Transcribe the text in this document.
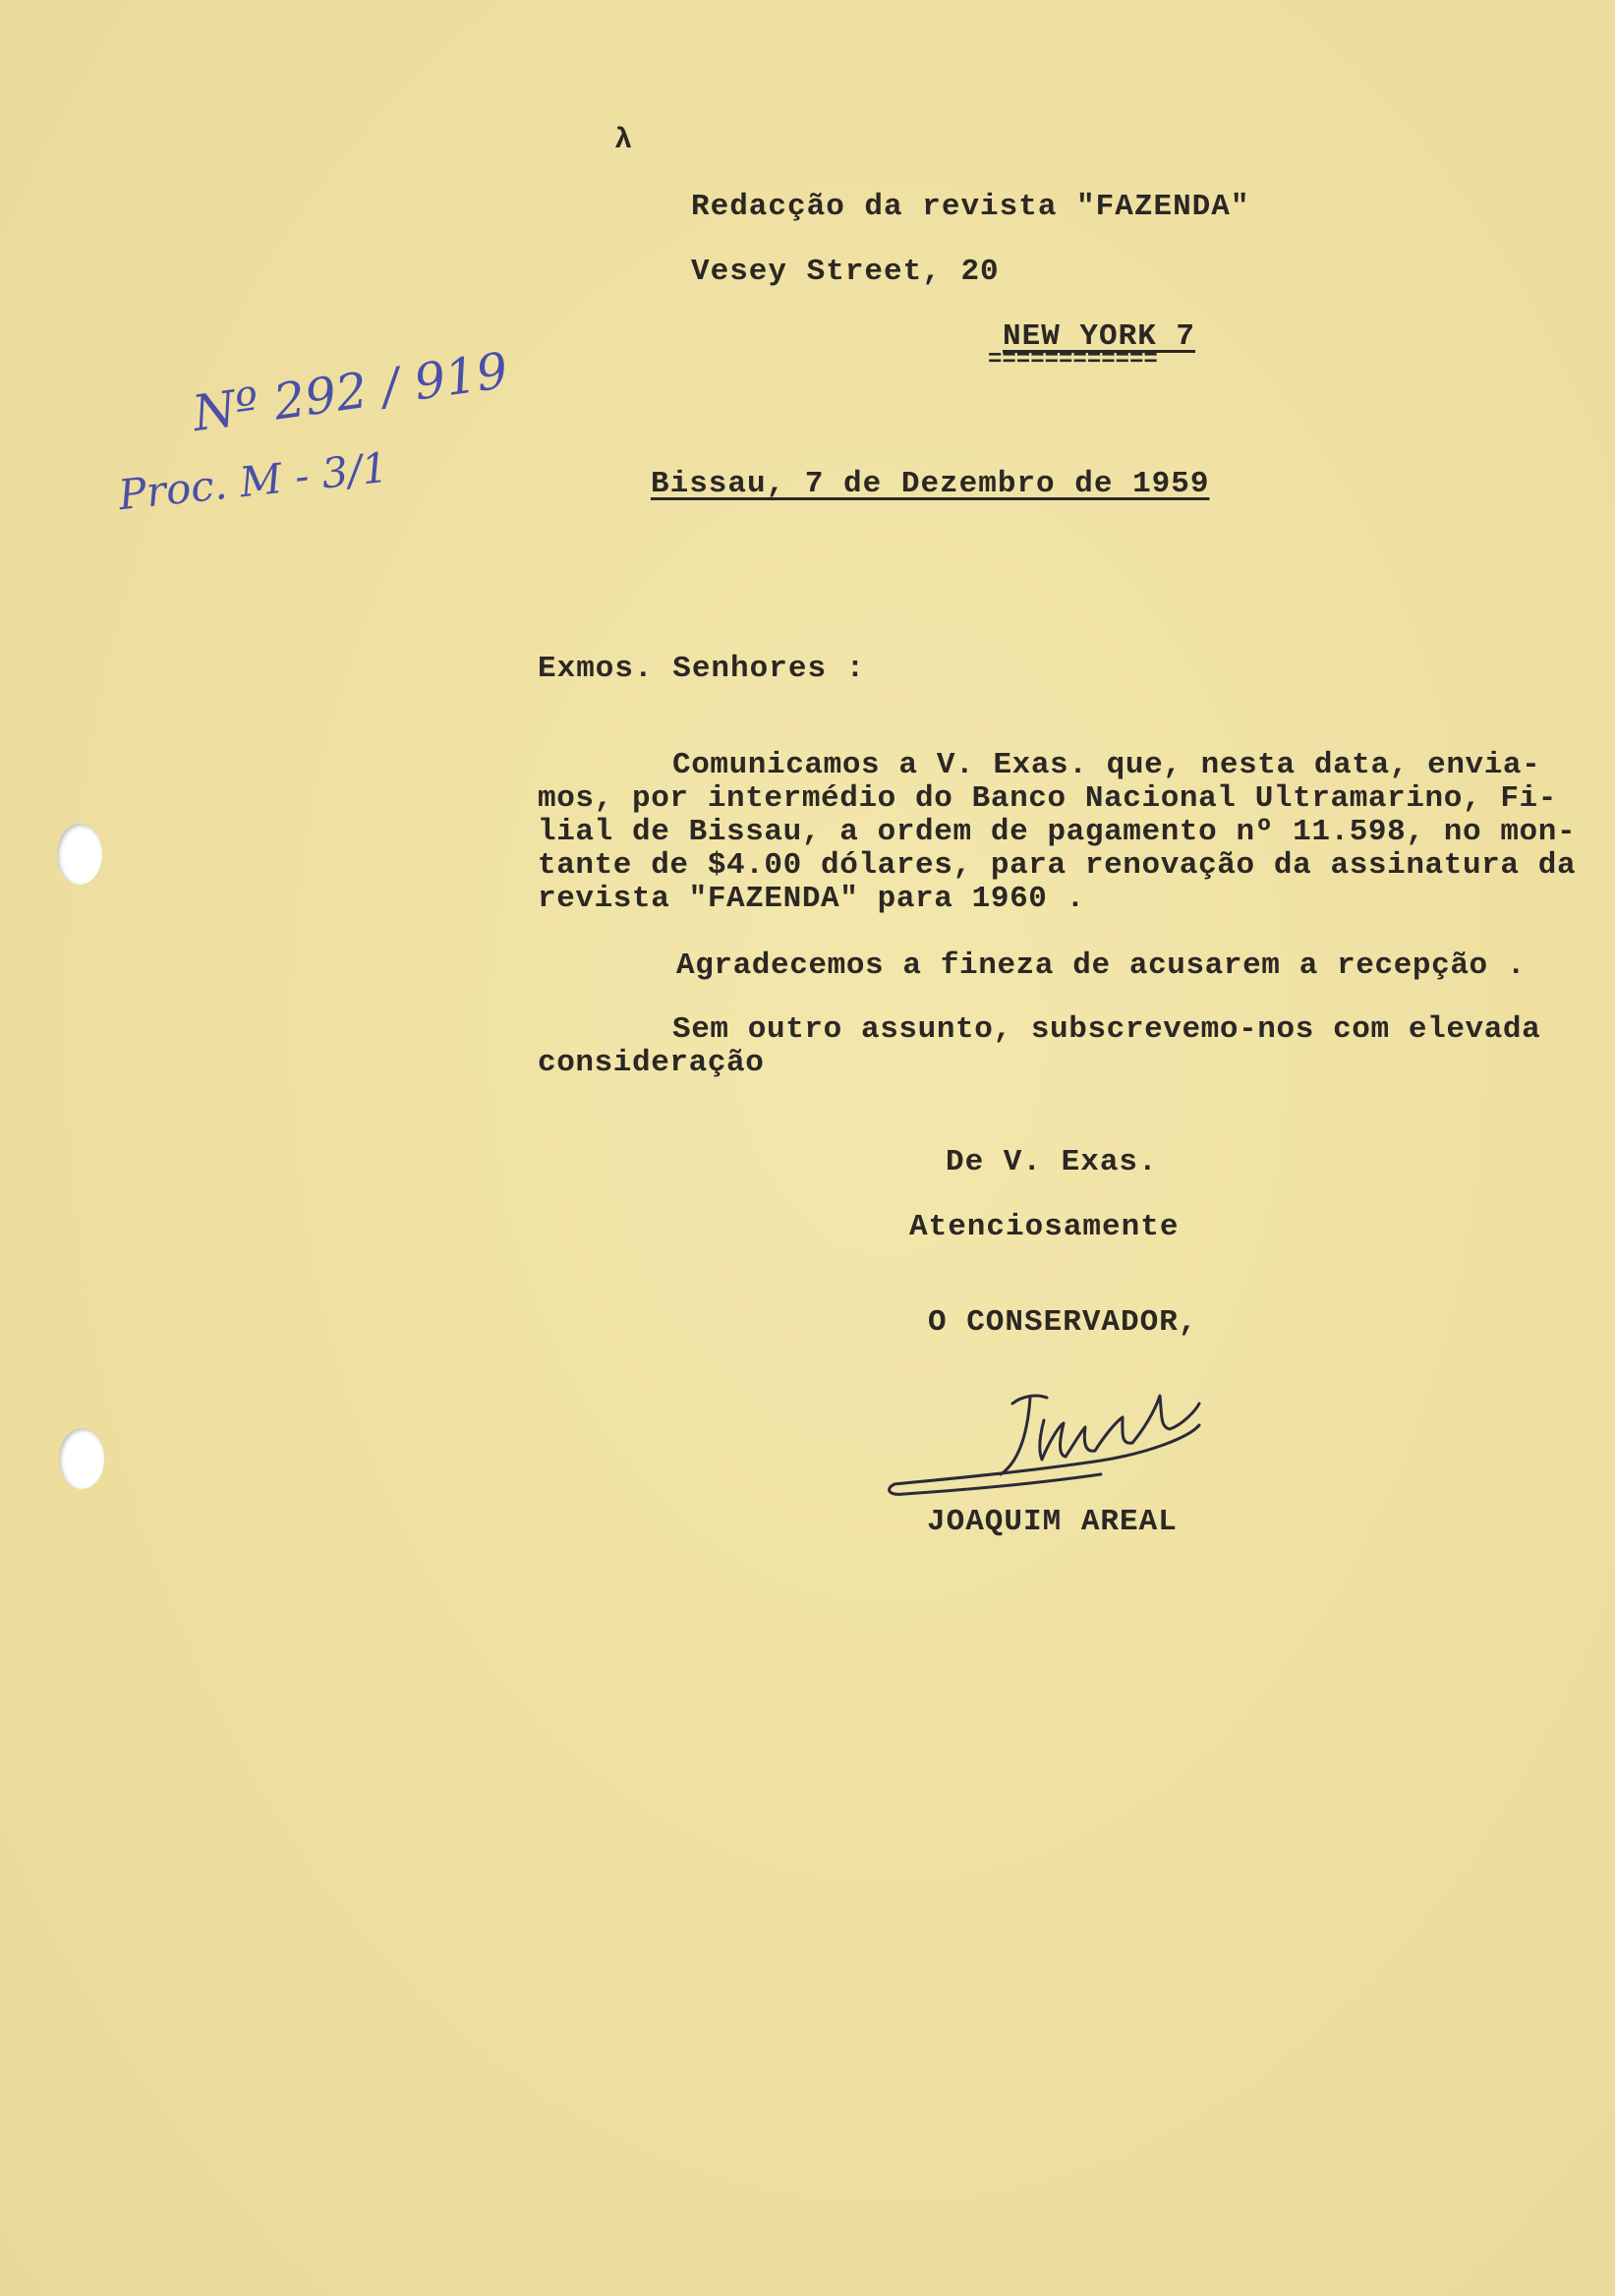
λ
Redacção da revista "FAZENDA"
Vesey Street, 20
NEW YORK 7
============
Nº 292 / 919
Proc. M - 3/1	Bissau, 7 de Dezembro de 1959
Exmos. Senhores :
Comunicamos a V. Exas. que, nesta data, envia-
mos, por intermédio do Banco Nacional Ultramarino, Fi-
lial de Bissau, a ordem de pagamento nº 11.598, no mon-
tante de $4.00 dólares, para renovação da assinatura da
revista "FAZENDA" para 1960 .
Agradecemos a fineza de acusarem a recepção .
Sem outro assunto, subscrevemo-nos com elevada
consideração
De V. Exas.
Atenciosamente
O CONSERVADOR,
JOAQUIM AREAL
